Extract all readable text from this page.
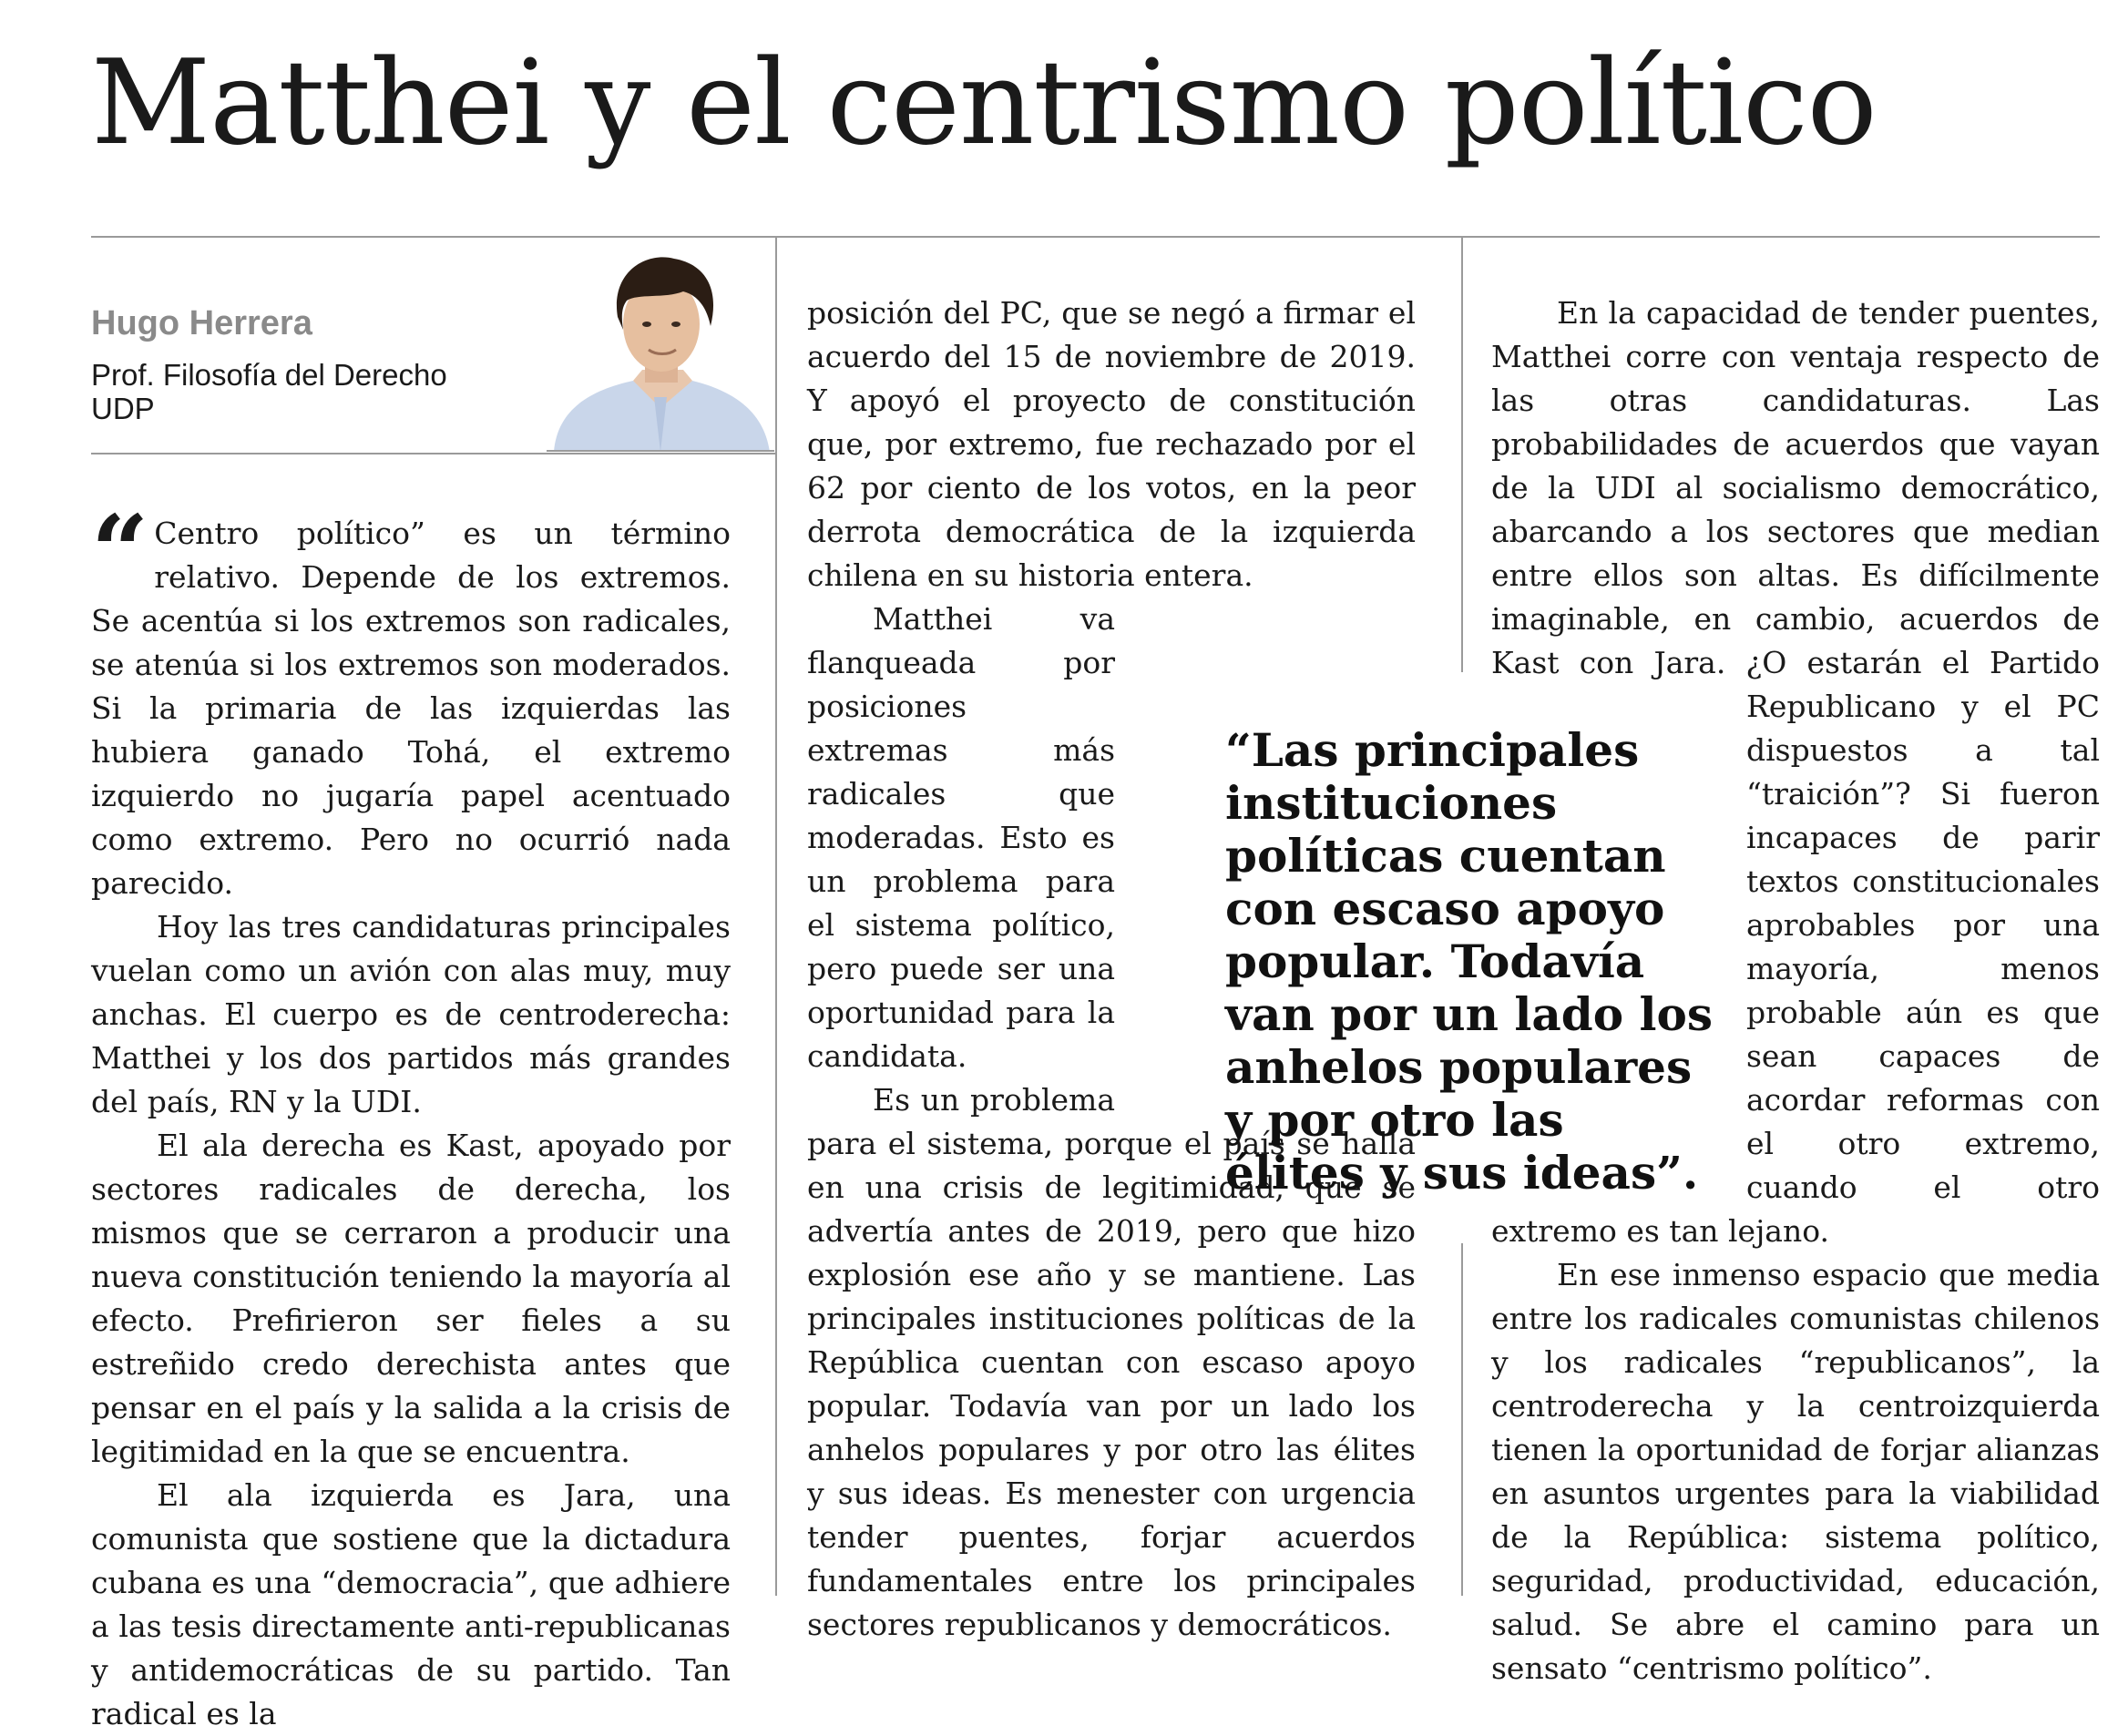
Matthei y el centrismo político
Hugo Herrera
Prof. Filosofía del Derecho
UDP
“ Centro político” es un término relativo. Depende de los extremos. Se acentúa si los extremos son radicales, se atenúa si los extremos son moderados. Si la primaria de las izquierdas las hubiera ganado Tohá, el extremo izquierdo no jugaría papel acentuado como extremo. Pero no ocurrió nada parecido.

Hoy las tres candidaturas principales vuelan como un avión con alas muy, muy anchas. El cuerpo es de centroderecha: Matthei y los dos partidos más grandes del país, RN y la UDI.

El ala derecha es Kast, apoyado por sectores radicales de derecha, los mismos que se cerraron a producir una nueva constitución teniendo la mayoría al efecto. Prefirieron ser fieles a su estreñido credo derechista antes que pensar en el país y la salida a la crisis de legitimidad en la que se encuentra.

El ala izquierda es Jara, una comunista que sostiene que la dictadura cubana es una “democracia”, que adhiere a las tesis directamente anti-republicanas y antidemocráticas de su partido. Tan radical es la

posición del PC, que se negó a firmar el acuerdo del 15 de noviembre de 2019. Y apoyó el proyecto de constitución que, por extremo, fue rechazado por el 62 por ciento de los votos, en la peor derrota democrática de la izquierda chilena en su historia entera.

Matthei va flanqueada por posiciones extremas más radicales que moderadas. Esto es un problema para el sistema político, pero puede ser una oportunidad para la candidata.

Es un problema para el sistema, porque el país se halla en una crisis de legitimidad, que se advertía antes de 2019, pero que hizo explosión ese año y se mantiene. Las principales instituciones políticas de la República cuentan con escaso apoyo popular. Todavía van por un lado los anhelos populares y por otro las élites y sus ideas. Es menester con urgencia tender puentes, forjar acuerdos fundamentales entre los principales sectores republicanos y democráticos.

En la capacidad de tender puentes, Matthei corre con ventaja respecto de las otras candidaturas. Las probabilidades de acuerdos que vayan de la UDI al socialismo democrático, abarcando a los sectores que median entre ellos son altas. Es difícilmente imaginable, en cambio, acuerdos de Kast con Jara. ¿O estarán el Partido Republicano y el PC dispuestos a tal “traición”? Si fueron incapaces de parir textos constitucionales aprobables por una mayoría, menos probable aún es que sean capaces de acordar reformas con el otro extremo, cuando el otro extremo es tan lejano.

En ese inmenso espacio que media entre los radicales comunistas chilenos y los radicales “republicanos”, la centroderecha y la centroizquierda tienen la oportunidad de forjar alianzas en asuntos urgentes para la viabilidad de la República: sistema político, seguridad, productividad, educación, salud. Se abre el camino para un sensato “centrismo político”.

“Las principales instituciones políticas cuentan con escaso apoyo popular. Todavía van por un lado los anhelos populares y por otro las élites y sus ideas”.
